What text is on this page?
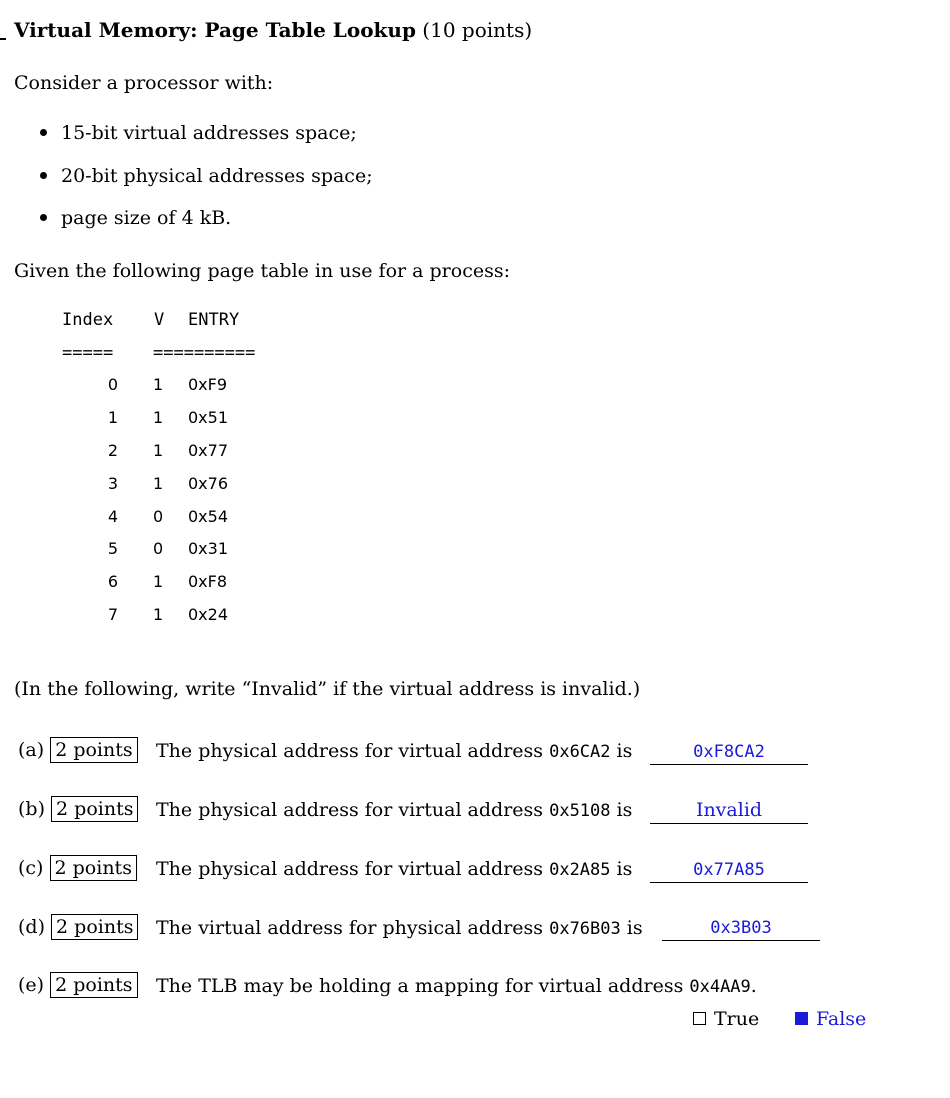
Virtual Memory: Page Table Lookup (10 points)
Consider a processor with:
15-bit virtual addresses space;
20-bit physical addresses space;
page size of 4 kB.
Given the following page table in use for a process:
Index V ENTRY
===== ==========
0 1 0xF9
1 1 0x51
2 1 0x77
3 1 0x76
4 0 0x54
5 0 0x31
6 1 0xF8
7 1 0x24
(In the following, write “Invalid” if the virtual address is invalid.)
(a) 2 points The physical address for virtual address 0x6CA2 is	0xF8CA2
(b) 2 points The physical address for virtual address 0x5108 is	Invalid
(c) 2 points The physical address for virtual address 0x2A85 is	0x77A85
(d) 2 points The virtual address for physical address 0x76B03 is	0x3B03
(e) 2 points The TLB may be holding a mapping for virtual address 0x4AA9.
True	False
